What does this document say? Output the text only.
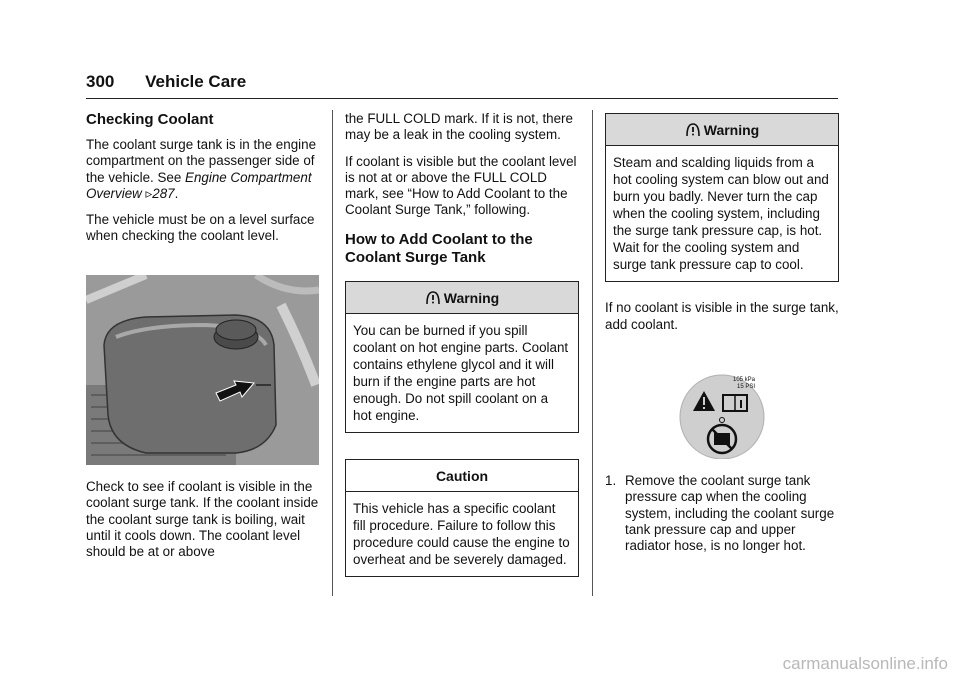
300 Vehicle Care
Checking Coolant

The coolant surge tank is in the engine compartment on the passenger side of the vehicle. See Engine Compartment Overview ▹287.

The vehicle must be on a level surface when checking the coolant level.

Check to see if coolant is visible in the coolant surge tank. If the coolant inside the coolant surge tank is boiling, wait until it cools down. The coolant level should be at or above

the FULL COLD mark. If it is not, there may be a leak in the cooling system.

If coolant is visible but the coolant level is not at or above the FULL COLD mark, see “How to Add Coolant to the Coolant Surge Tank,” following.

How to Add Coolant to the Coolant Surge Tank
Warning
You can be burned if you spill coolant on hot engine parts. Coolant contains ethylene glycol and it will burn if the engine parts are hot enough. Do not spill coolant on a hot engine.
Caution
This vehicle has a specific coolant fill procedure. Failure to follow this procedure could cause the engine to overheat and be severely damaged.
Warning
Steam and scalding liquids from a hot cooling system can blow out and burn you badly. Never turn the cap when the cooling system, including the surge tank pressure cap, is hot. Wait for the cooling system and surge tank pressure cap to cool.

If no coolant is visible in the surge tank, add coolant.

105 kPa
15 PSI
1. Remove the coolant surge tank pressure cap when the cooling system, including the coolant surge tank pressure cap and upper radiator hose, is no longer hot.
carmanualsonline.info
